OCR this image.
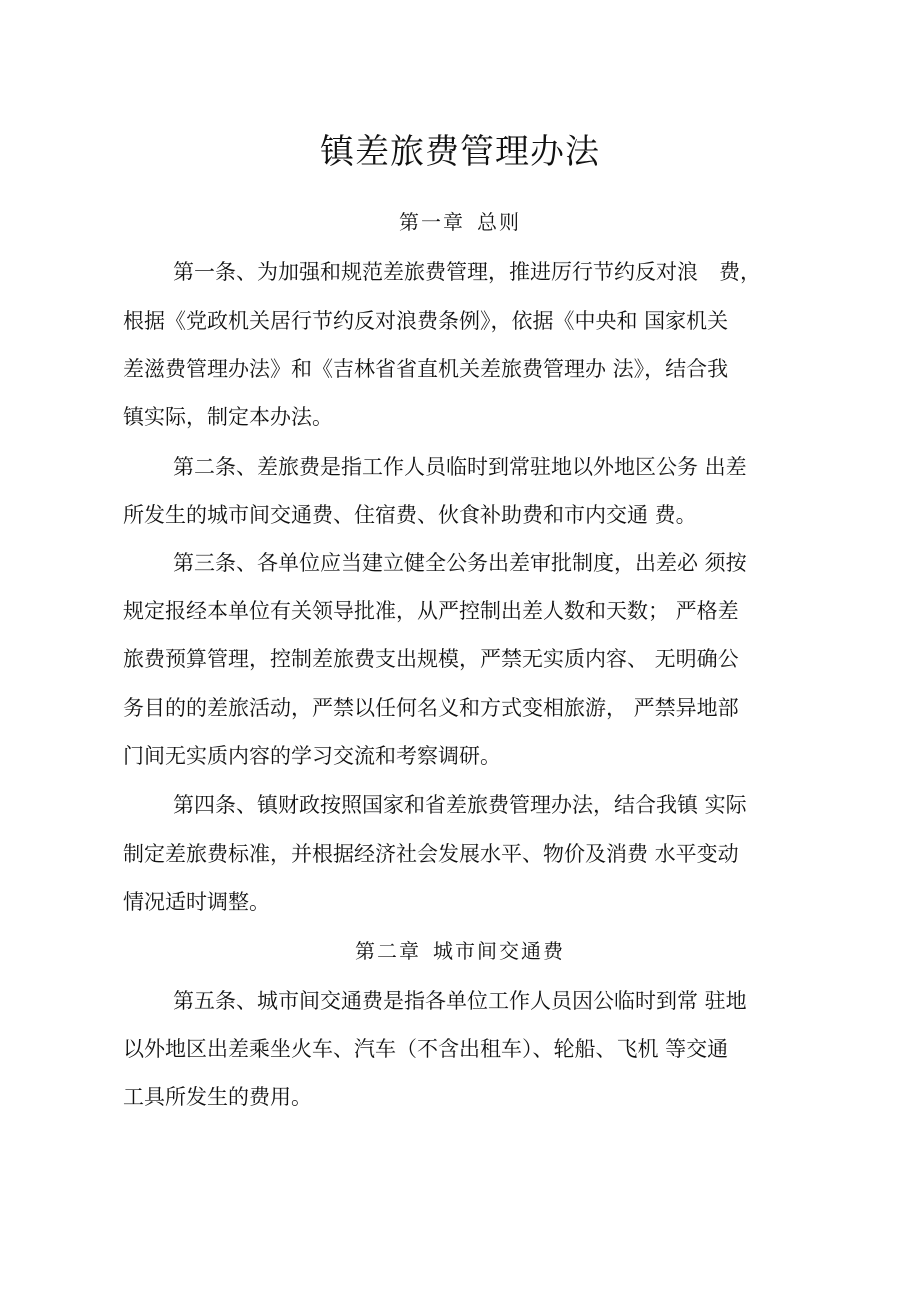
镇差旅费管理办法

第一章 总则

第一条、为加强和规范差旅费管理，推进厉行节约反对浪　费，

根据《党政机关居行节约反对浪费条例》，依据《中央和 国家机关

差滋费管理办法》和《吉林省省直机关差旅费管理办 法》，结合我

镇实际，制定本办法。

第二条、差旅费是指工作人员临时到常驻地以外地区公务 出差

所发生的城市间交通费、住宿费、伙食补助费和市内交通 费。

第三条、各单位应当建立健全公务出差审批制度，出差必 须按

规定报经本单位有关领导批准，从严控制出差人数和天数； 严格差

旅费预算管理，控制差旅费支出规模，严禁无实质内容、 无明确公

务目的的差旅活动，严禁以任何名义和方式变相旅游， 严禁异地部

门间无实质内容的学习交流和考察调研。

第四条、镇财政按照国家和省差旅费管理办法，结合我镇 实际

制定差旅费标准，并根据经济社会发展水平、物价及消费 水平变动

情况适时调整。

第二章 城市间交通费

第五条、城市间交通费是指各单位工作人员因公临时到常 驻地

以外地区出差乘坐火车、汽车（不含出租车）、轮船、飞机 等交通

工具所发生的费用。
